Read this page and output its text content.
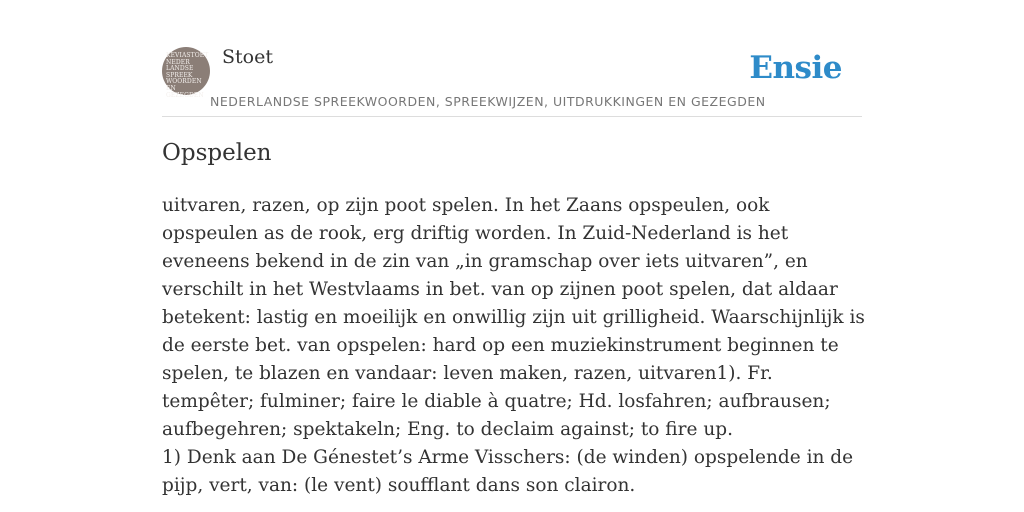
KEVIASTOET
NEDER
LANDSE
SPREEK
WOORDEN EN
GEZEGDEN
Stoet
NEDERLANDSE SPREEKWOORDEN, SPREEKWIJZEN, UITDRUKKINGEN EN GEZEGDEN
Ensie
Opspelen

uitvaren, razen, op zijn poot spelen. In het Zaans opspeulen, ook opspeulen as de rook, erg driftig worden. In Zuid-Nederland is het eveneens bekend in de zin van „in gramschap over iets uitvaren”, en verschilt in het Westvlaams in bet. van op zijnen poot spelen, dat aldaar betekent: lastig en moeilijk en onwillig zijn uit grilligheid. Waarschijnlijk is de eerste bet. van opspelen: hard op een muziekinstrument beginnen te spelen, te blazen en vandaar: leven maken, razen, uitvaren1). Fr. tempêter; fulminer; faire le diable à quatre; Hd. losfahren; aufbrausen; aufbegehren; spektakeln; Eng. to declaim against; to fire up.

1) Denk aan De Génestet’s Arme Visschers: (de winden) opspelende in de pijp, vert, van: (le vent) soufflant dans son clairon.
